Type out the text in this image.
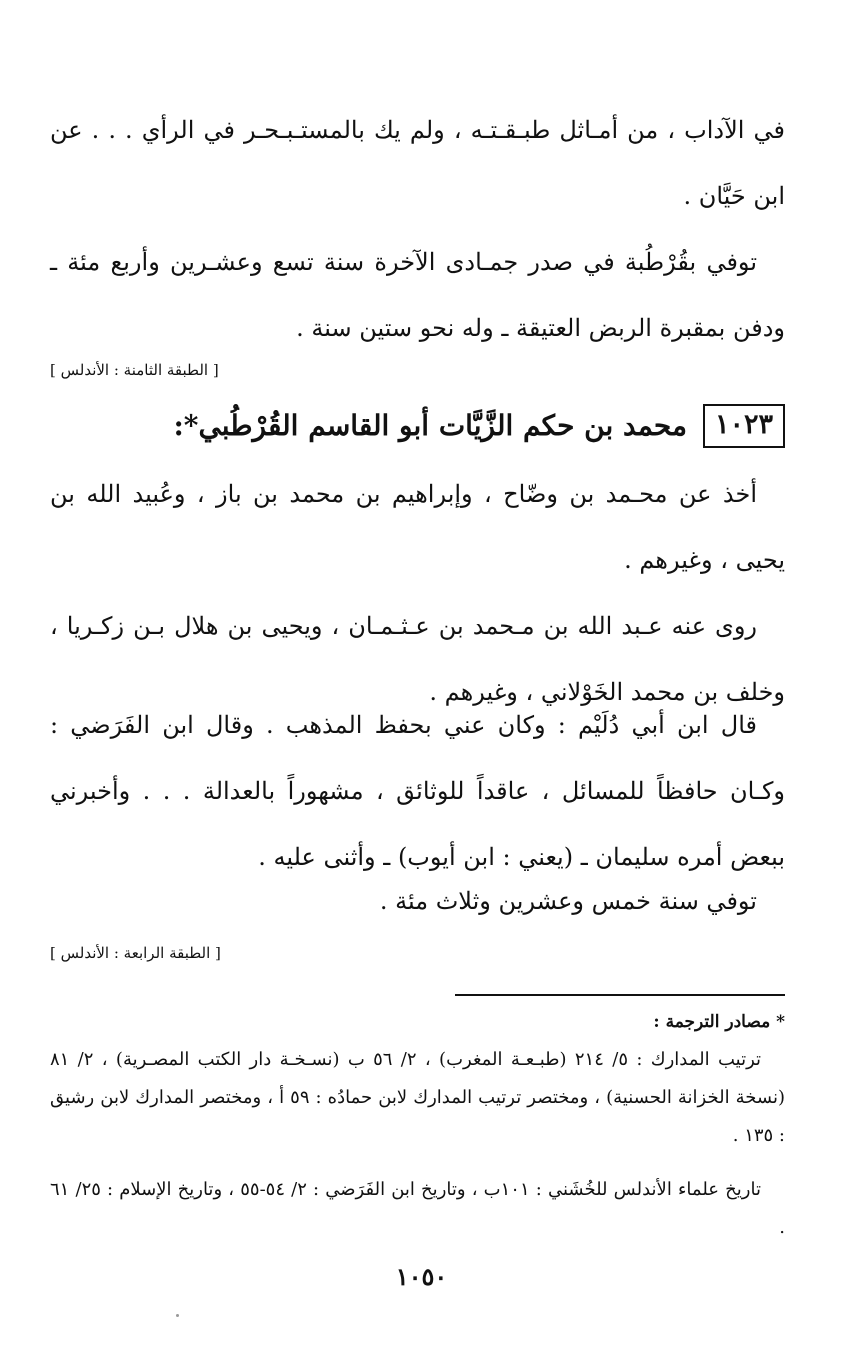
في الآداب ، من أمـاثل طبـقـتـه ، ولم يك بالمستـبـحـر في الرأي . . . عن ابن حَيَّان .

توفي بقُرْطُبة في صدر جمـادى الآخرة سنة تسع وعشـرين وأربع مئة ـ ودفن بمقبرة الربض العتيقة ـ وله نحو ستين سنة .

[ الطبقة الثامنة : الأندلس ]
١٠٢٣
محمد بن حكم الزَّيَّات أبو القاسم القُرْطُبي*:

أخذ عن محـمد بن وضّاح ، وإبراهيم بن محمد بن باز ، وعُبيد الله بن يحيى ، وغيرهم .

روى عنه عـبد الله بن مـحمد بن عـثـمـان ، ويحيى بن هلال بـن زكـريا ، وخلف بن محمد الخَوْلاني ، وغيرهم .

قال ابن أبي دُلَيْم : وكان عني بحفظ المذهب . وقال ابن الفَرَضي : وكـان حافظاً للمسائل ، عاقداً للوثائق ، مشهوراً بالعدالة . . . وأخبرني ببعض أمره سليمان ـ (يعني : ابن أيوب) ـ وأثنى عليه .

توفي سنة خمس وعشرين وثلاث مئة .

[ الطبقة الرابعة : الأندلس ]
* مصادر الترجمة :

ترتيب المدارك : ٥/ ٢١٤ (طبـعـة المغرب) ، ٢/ ٥٦ ب (نسـخـة دار الكتب المصـرية) ، ٢/ ٨١ (نسخة الخزانة الحسنية) ، ومختصر ترتيب المدارك لابن حمادُه : ٥٩ أ ، ومختصر المدارك لابن رشيق : ١٣٥ .

تاريخ علماء الأندلس للخُشَني : ١٠١ب ، وتاريخ ابن الفَرَضي : ٢/ ٥٤-٥٥ ، وتاريخ الإسلام : ٢٥/ ٦١ .

١٠٥٠
